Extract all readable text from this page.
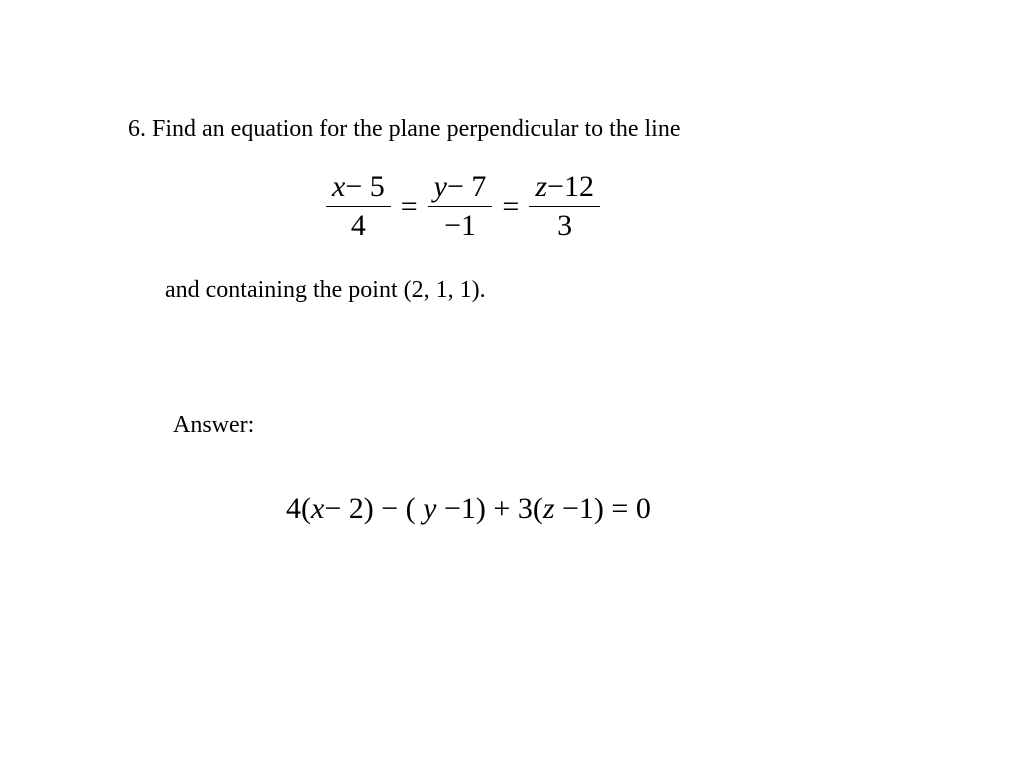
6. Find an equation for the plane perpendicular to the line
$\frac{x- 5}{4} = \frac{y- 7}{-1} = \frac{z-12}{3}$
and containing the point (2, 1, 1).
Answer:
4(x− 2) − ( y −1) + 3(z −1) = 0
